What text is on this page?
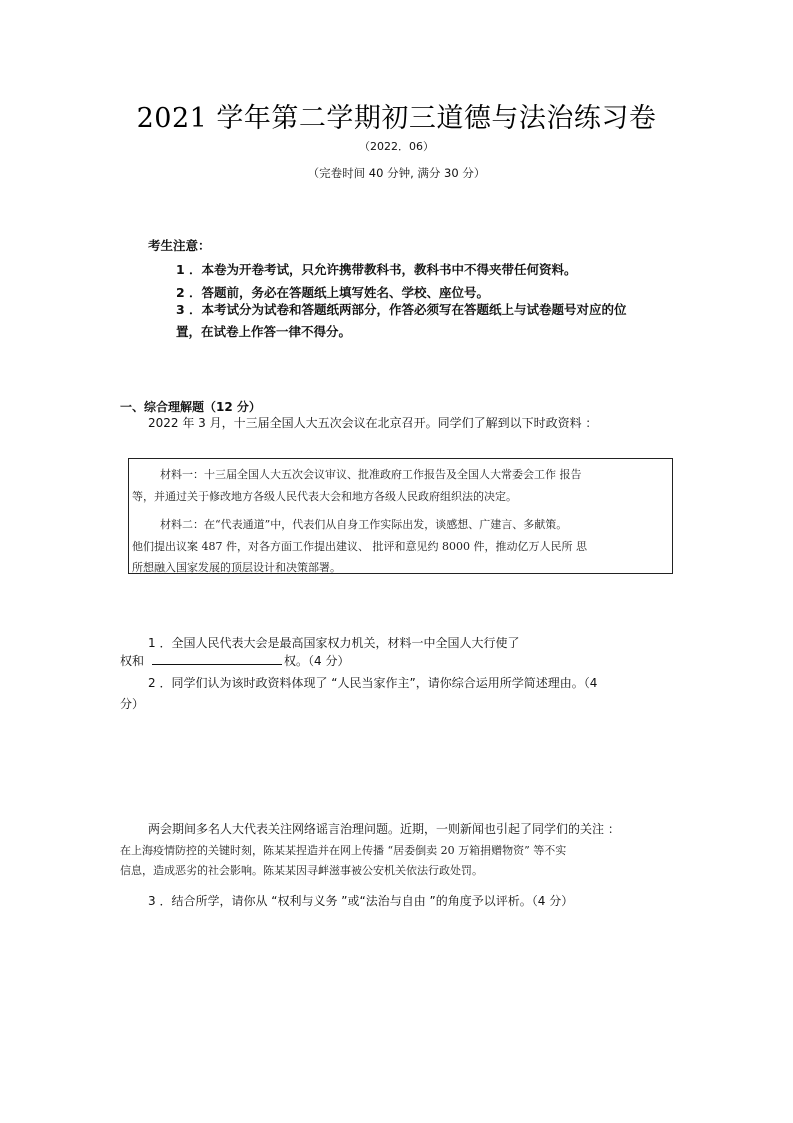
2021 学年第二学期初三道德与法治练习卷
（2022．06）
（完卷时间 40 分钟, 满分 30 分）
考生注意：
1 ．本卷为开卷考试，只允许携带教科书，教科书中不得夹带任何资料。
2 ．答题前，务必在答题纸上填写姓名、学校、座位号。
3 ．本考试分为试卷和答题纸两部分，作答必须写在答题纸上与试卷题号对应的位
置，在试卷上作答一律不得分。
一、综合理解题（12 分）
2022 年 3 月，十三届全国人大五次会议在北京召开。同学们了解到以下时政资料 ：
材料一：十三届全国人大五次会议审议、批准政府工作报告及全国人大常委会工作 报告
等，并通过关于修改地方各级人民代表大会和地方各级人民政府组织法的决定。
材料二：在“代表通道”中，代表们从自身工作实际出发，谈感想、广建言、多献策。
他们提出议案 487 件，对各方面工作提出建议、 批评和意见约 8000 件，推动亿万人民所 思
所想融入国家发展的顶层设计和决策部署。
1 ．全国人民代表大会是最高国家权力机关，材料一中全国人大行使了
权和	权。（4 分）
2 ．同学们认为该时政资料体现了 “人民当家作主”，请你综合运用所学简述理由。（4
分）
两会期间多名人大代表关注网络谣言治理问题。近期，一则新闻也引起了同学们的关注 ：
在上海疫情防控的关键时刻，陈某某捏造并在网上传播 “居委倒卖 20 万箱捐赠物资” 等不实
信息，造成恶劣的社会影响。陈某某因寻衅滋事被公安机关依法行政处罚。
3 ．结合所学，请你从 “权利与义务 ”或“法治与自由 ”的角度予以评析。（4 分）
